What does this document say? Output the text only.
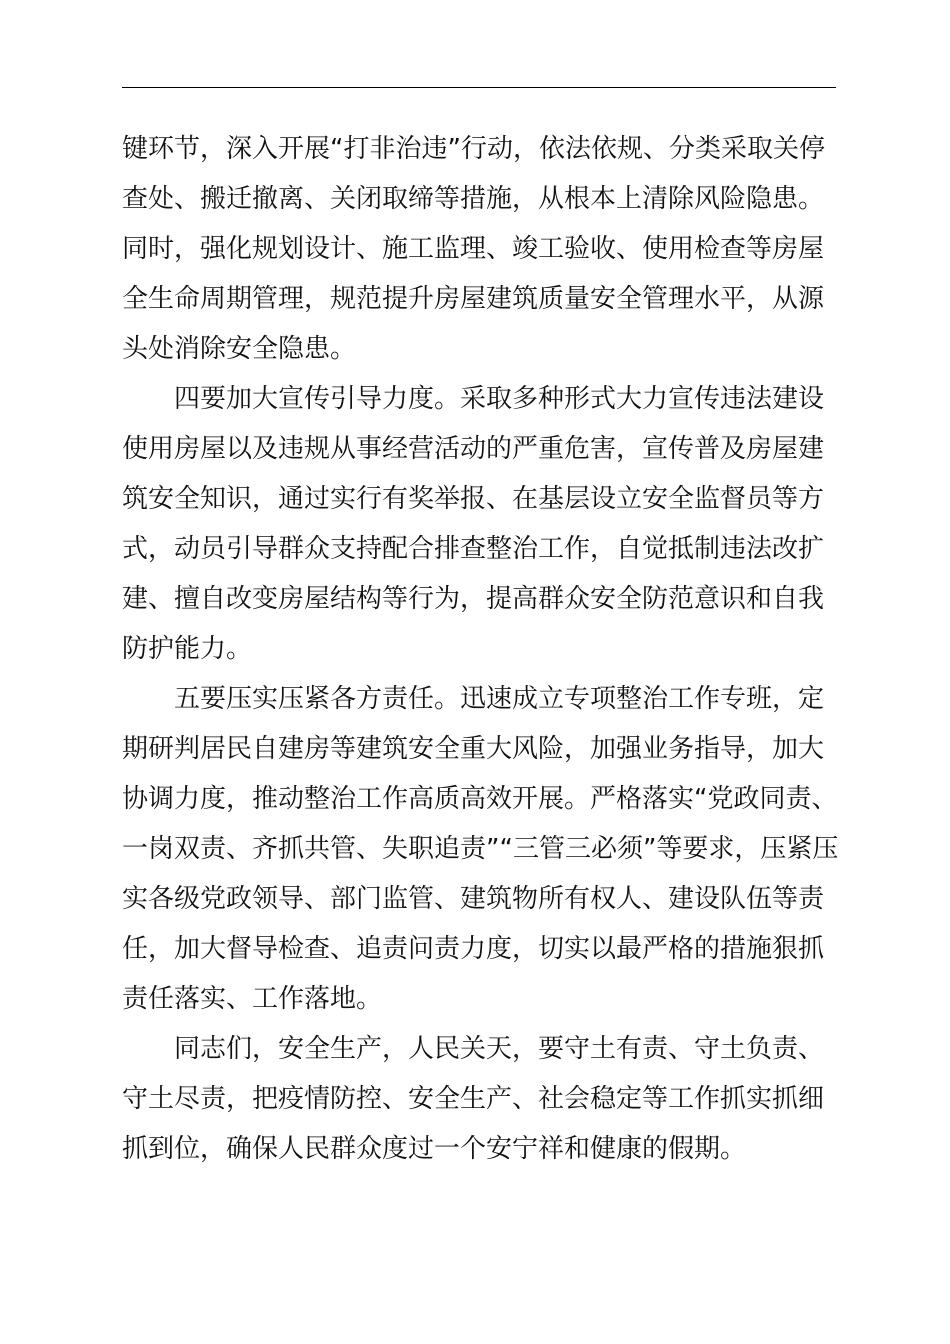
键环节，深入开展“打非治违”行动，依法依规、分类采取关停
查处、搬迁撤离、关闭取缔等措施，从根本上清除风险隐患。
同时，强化规划设计、施工监理、竣工验收、使用检查等房屋
全生命周期管理，规范提升房屋建筑质量安全管理水平，从源
头处消除安全隐患。
　　四要加大宣传引导力度。采取多种形式大力宣传违法建设
使用房屋以及违规从事经营活动的严重危害，宣传普及房屋建
筑安全知识，通过实行有奖举报、在基层设立安全监督员等方
式，动员引导群众支持配合排查整治工作，自觉抵制违法改扩
建、擅自改变房屋结构等行为，提高群众安全防范意识和自我
防护能力。
　　五要压实压紧各方责任。迅速成立专项整治工作专班，定
期研判居民自建房等建筑安全重大风险，加强业务指导，加大
协调力度，推动整治工作高质高效开展。严格落实“党政同责、
一岗双责、齐抓共管、失职追责”“三管三必须”等要求，压紧压
实各级党政领导、部门监管、建筑物所有权人、建设队伍等责
任，加大督导检查、追责问责力度，切实以最严格的措施狠抓
责任落实、工作落地。
　　同志们，安全生产，人民关天，要守土有责、守土负责、
守土尽责，把疫情防控、安全生产、社会稳定等工作抓实抓细
抓到位，确保人民群众度过一个安宁祥和健康的假期。
